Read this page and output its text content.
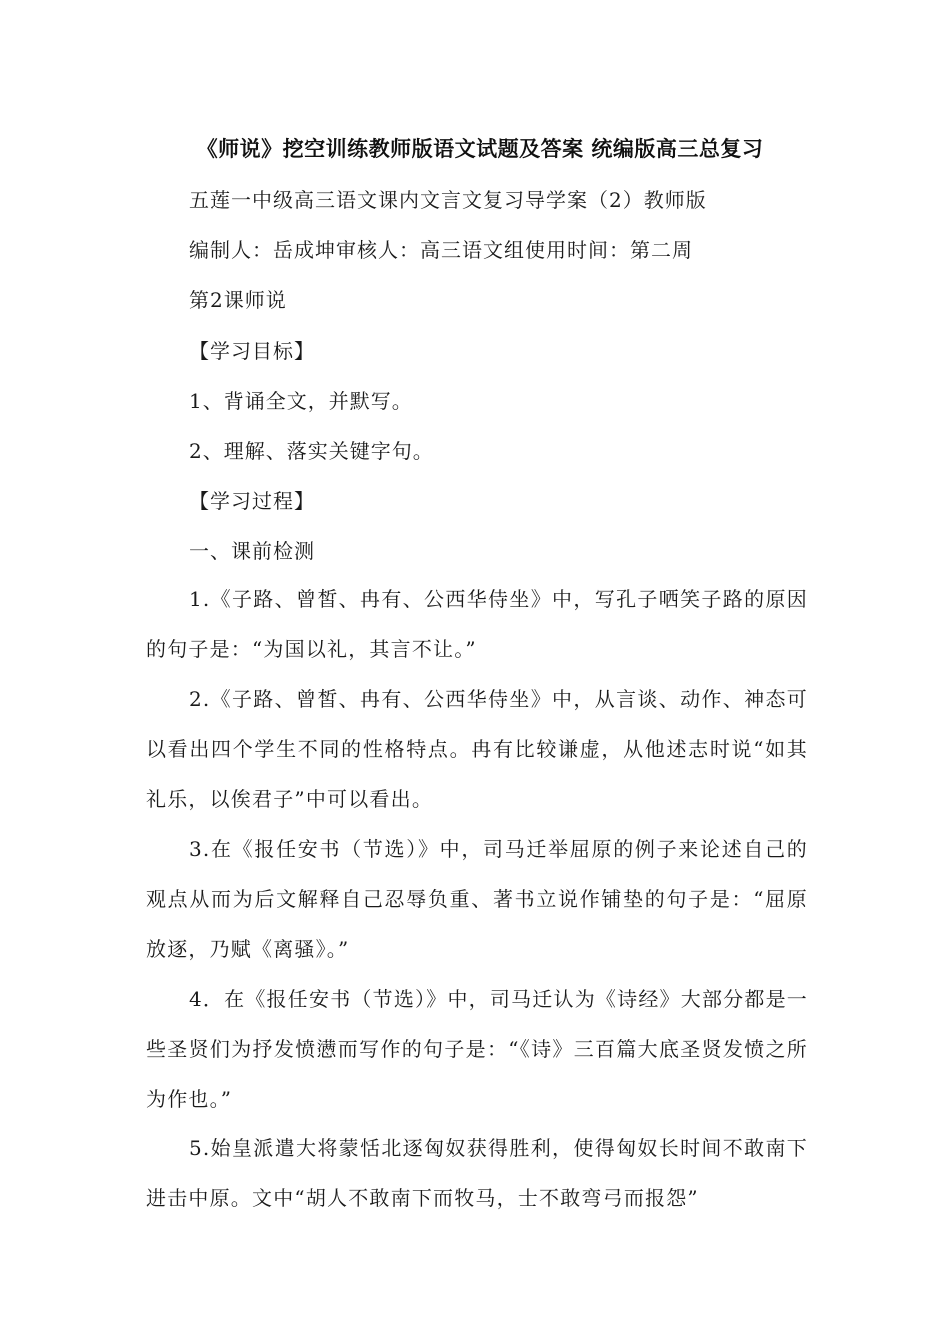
《师说》挖空训练教师版语文试题及答案 统编版高三总复习
五莲一中级高三语文课内文言文复习导学案（2）教师版
编制人：岳成坤审核人：高三语文组使用时间：第二周
第2课师说
【学习目标】
1、背诵全文，并默写。
2、理解、落实关键字句。
【学习过程】
一、课前检测
1.《子路、曾皙、冉有、公西华侍坐》中，写孔子哂笑子路的原因的句子是：“为国以礼，其言不让。”
2.《子路、曾皙、冉有、公西华侍坐》中，从言谈、动作、神态可以看出四个学生不同的性格特点。冉有比较谦虚，从他述志时说“如其礼乐，以俟君子”中可以看出。
3.在《报任安书（节选）》中，司马迁举屈原的例子来论述自己的观点从而为后文解释自己忍辱负重、著书立说作铺垫的句子是：“屈原放逐，乃赋《离骚》。”
4．在《报任安书（节选）》中，司马迁认为《诗经》大部分都是一些圣贤们为抒发愤懑而写作的句子是：“《诗》三百篇大底圣贤发愤之所为作也。”
5.始皇派遣大将蒙恬北逐匈奴获得胜利，使得匈奴长时间不敢南下进击中原。文中“胡人不敢南下而牧马，士不敢弯弓而报怨”
